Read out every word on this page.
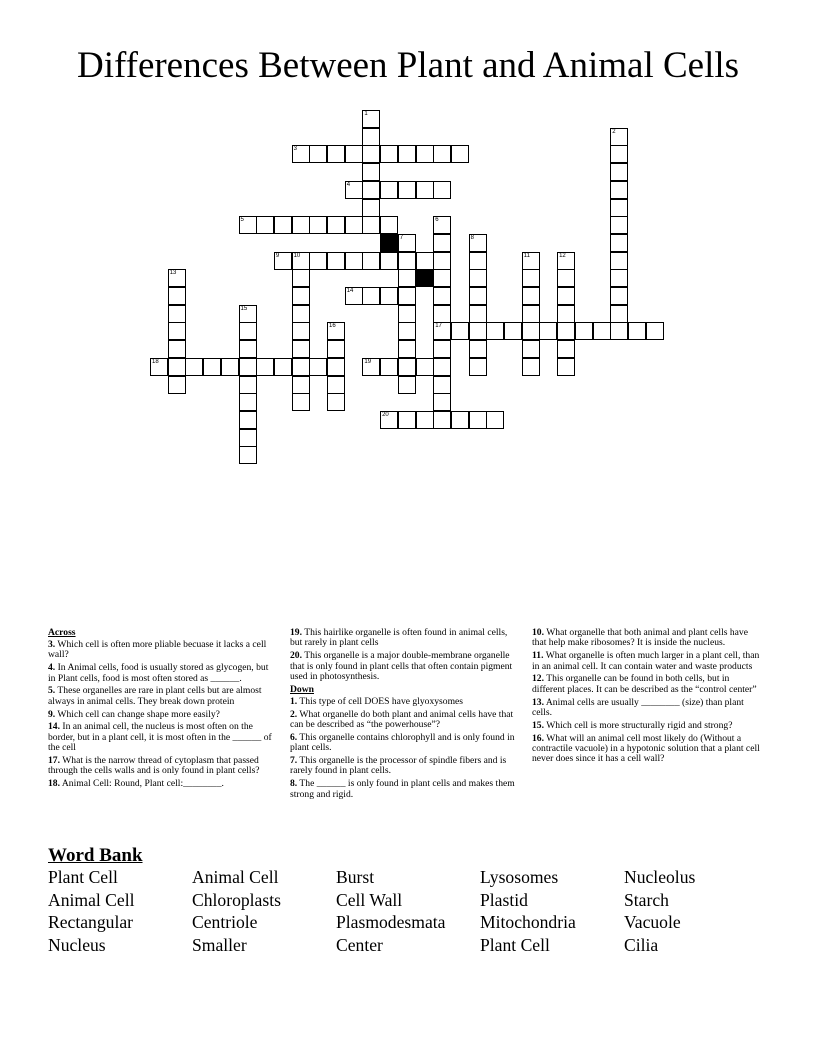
Differences Between Plant and Animal Cells
1
2
3
4
5	6
17
7	8
9 10	11	12
13
14
15
16
18	19
20
Across
3. Which cell is often more pliable becuase it lacks a cell wall?
4. In Animal cells, food is usually stored as glycogen, but in Plant cells, food is most often stored as ______.
5. These organelles are rare in plant cells but are almost always in animal cells. They break down protein
9. Which cell can change shape more easily?
14. In an animal cell, the nucleus is most often on the border, but in a plant cell, it is most often in the ______ of the cell
17. What is the narrow thread of cytoplasm that passed through the cells walls and is only found in plant cells?
18. Animal Cell: Round, Plant cell:________.
19. This hairlike organelle is often found in animal cells, but rarely in plant cells
20. This organelle is a major double-membrane organelle that is only found in plant cells that often contain pigment used in photosynthesis.
Down
1. This type of cell DOES have glyoxysomes
2. What organelle do both plant and animal cells have that can be described as “the powerhouse”?
6. This organelle contains chlorophyll and is only found in plant cells.
7. This organelle is the processor of spindle fibers and is rarely found in plant cells.
8. The ______ is only found in plant cells and makes them strong and rigid.
10. What organelle that both animal and plant cells have that help make ribosomes? It is inside the nucleus.
11. What organelle is often much larger in a plant cell, than in an animal cell. It can contain water and waste products
12. This organelle can be found in both cells, but in different places. It can be described as the “control center”
13. Animal cells are usually ________ (size) than plant cells.
15. Which cell is more structurally rigid and strong?
16. What will an animal cell most likely do (Without a contractile vacuole) in a hypotonic solution that a plant cell never does since it has a cell wall?
Word Bank
Plant Cell	Animal Cell	Burst	Lysosomes	Nucleolus
Animal Cell	Chloroplasts	Cell Wall	Plastid	Starch
Rectangular	Centriole	Plasmodesmata	Mitochondria	Vacuole
Nucleus	Smaller	Center	Plant Cell	Cilia
